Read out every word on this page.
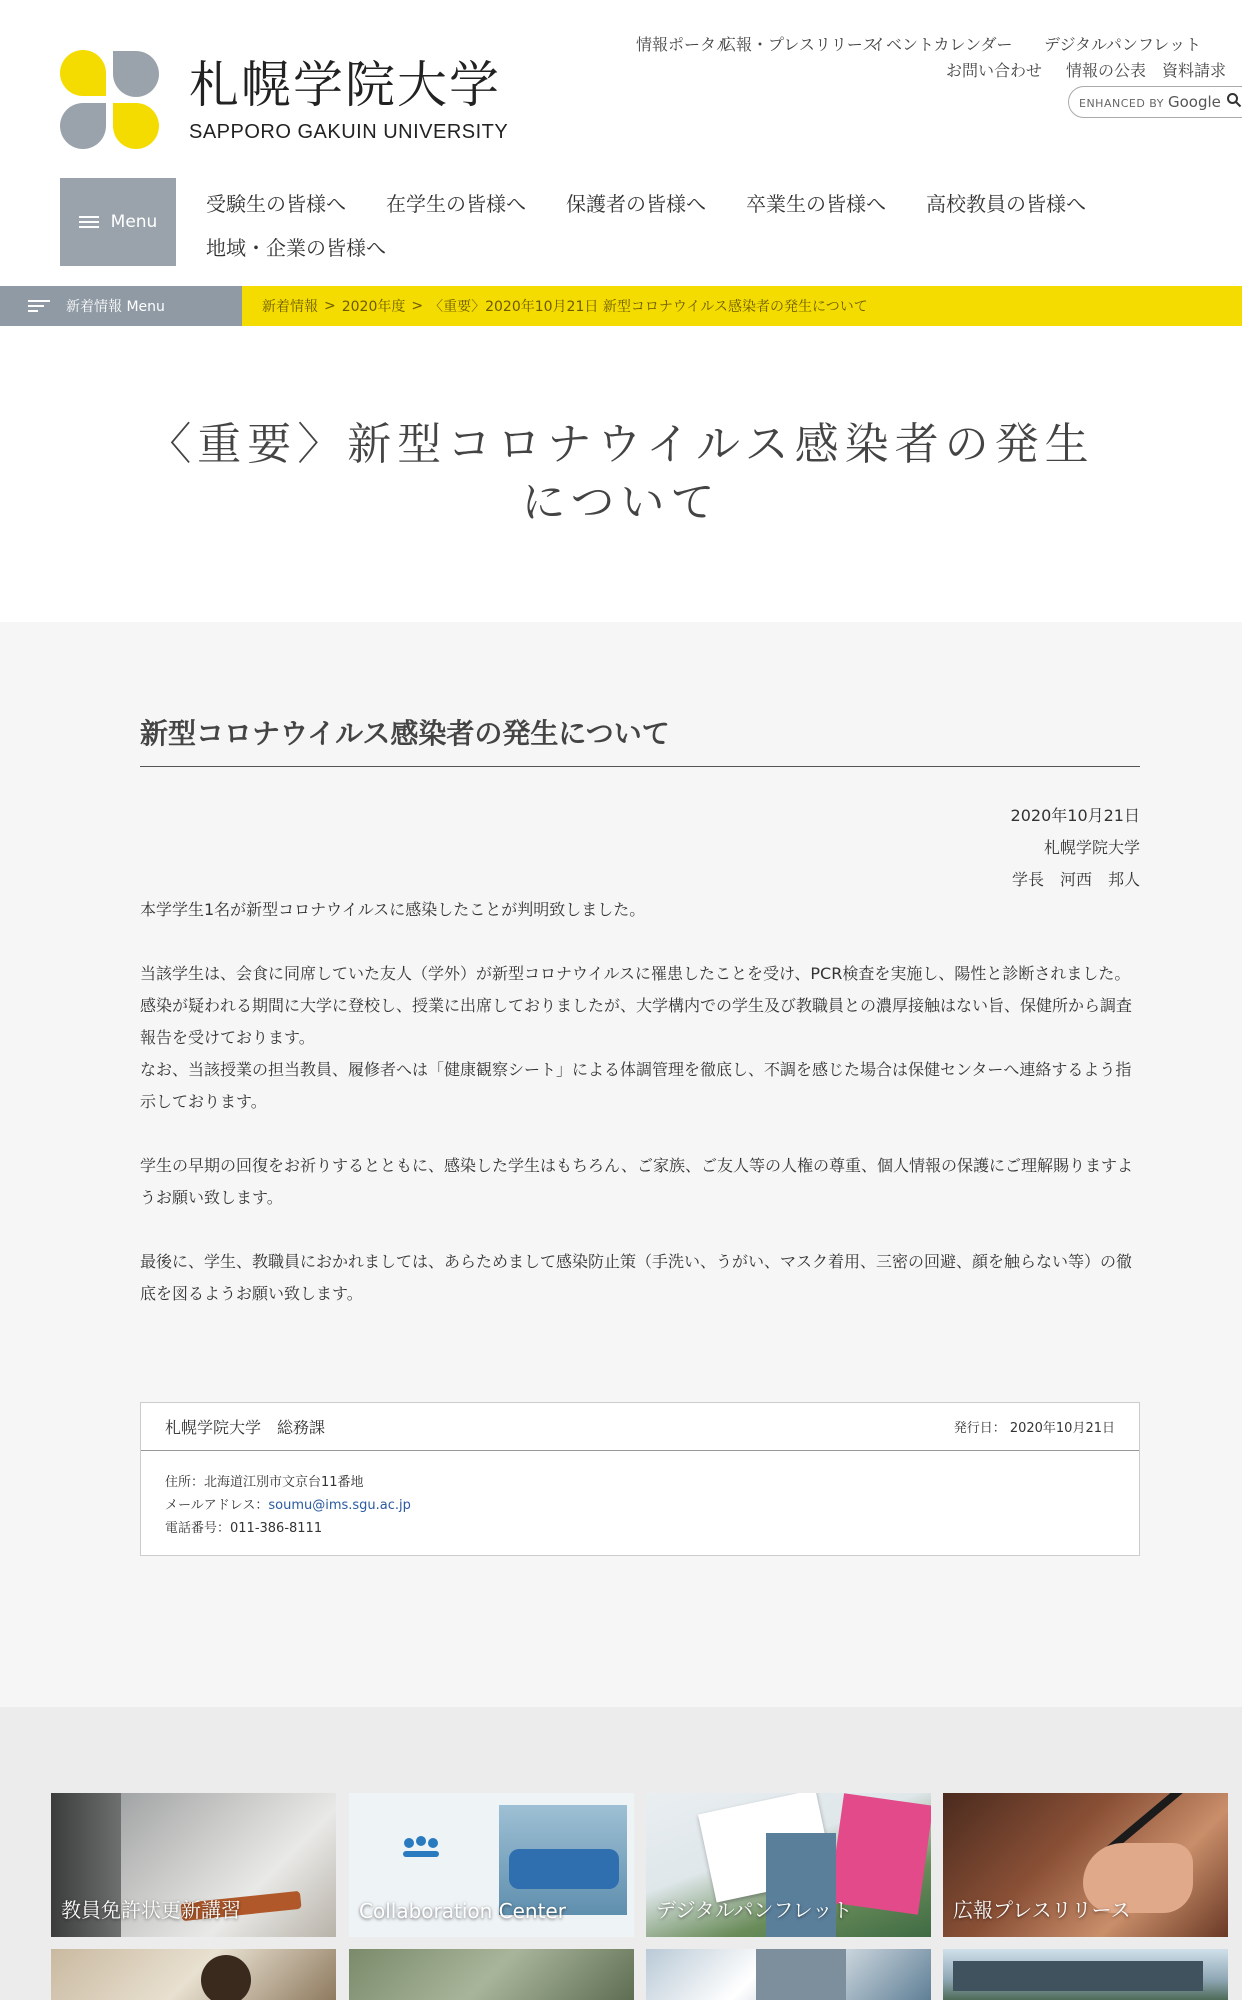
札幌学院大学
SAPPORO GAKUIN UNIVERSITY
情報ポータル
広報・プレスリリース
イベントカレンダー デジタルパンフレット
お問い合わせ 情報の公表 資料請求
ENHANCED BY Google
Menu
受験生の皆様へ 在学生の皆様へ 保護者の皆様へ 卒業生の皆様へ 高校教員の皆様へ
地域・企業の皆様へ
新着情報 Menu	新着情報 > 2020年度 > 〈重要〉2020年10月21日 新型コロナウイルス感染者の発生について
〈重要〉新型コロナウイルス感染者の発生について
新型コロナウイルス感染者の発生について
2020年10月21日
札幌学院大学
学長　河西　邦人

本学学生1名が新型コロナウイルスに感染したことが判明致しました。

当該学生は、会食に同席していた友人（学外）が新型コロナウイルスに罹患したことを受け、PCR検査を実施し、陽性と診断されました。感染が疑われる期間に大学に登校し、授業に出席しておりましたが、大学構内での学生及び教職員との濃厚接触はない旨、保健所から調査報告を受けております。

なお、当該授業の担当教員、履修者へは「健康観察シート」による体調管理を徹底し、不調を感じた場合は保健センターへ連絡するよう指示しております。

学生の早期の回復をお祈りするとともに、感染した学生はもちろん、ご家族、ご友人等の人権の尊重、個人情報の保護にご理解賜りますようお願い致します。

最後に、学生、教職員におかれましては、あらためまして感染防止策（手洗い、うがい、マスク着用、三密の回避、顔を触らない等）の徹底を図るようお願い致します。

札幌学院大学　総務課	発行日： 2020年10月21日
住所：北海道江別市文京台11番地
メールアドレス：soumu@ims.sgu.ac.jp
電話番号：011-386-8111
教員免許状更新講習	Collaboration Center	デジタルパンフレット	広報プレスリリース
